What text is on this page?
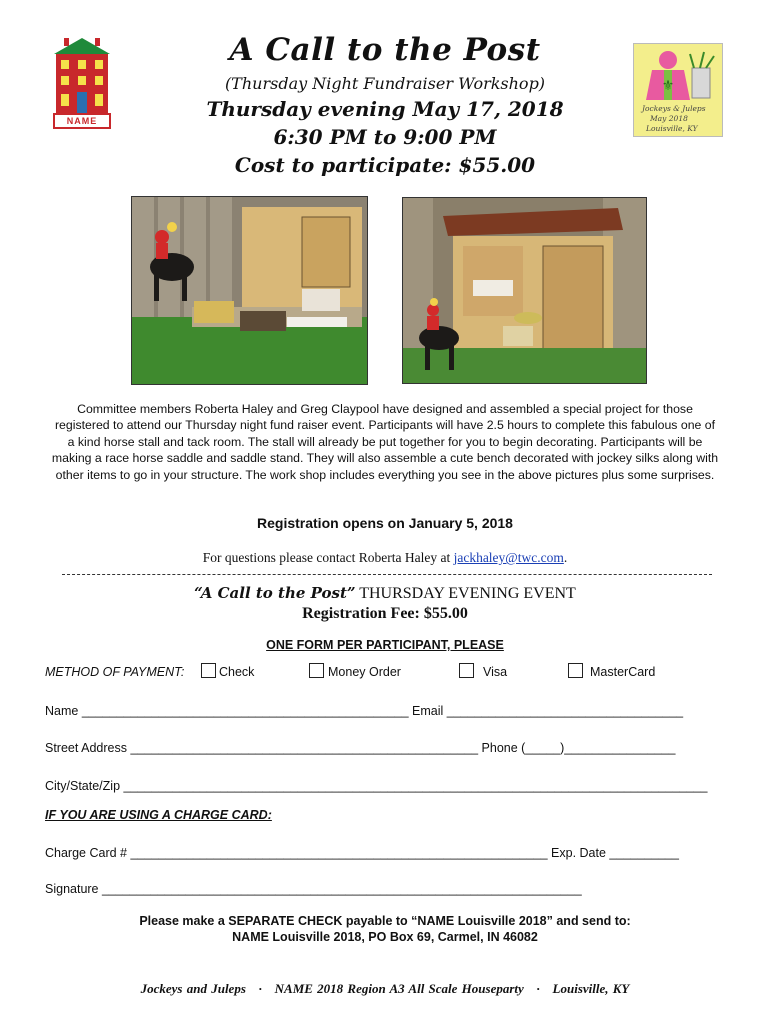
NAME
⚜
Jockeys & Juleps
May 2018
Louisville, KY
A Call to the Post
(Thursday Night Fundraiser Workshop)
Thursday evening May 17, 2018
6:30 PM to 9:00 PM
Cost to participate: $55.00
Committee members Roberta Haley and Greg Claypool have designed and assembled a special project for those registered to attend our Thursday night fund raiser event. Participants will have 2.5 hours to complete this fabulous one of a kind horse stall and tack room. The stall will already be put together for you to begin decorating. Participants will be making a race horse saddle and saddle stand. They will also assemble a cute bench decorated with jockey silks along with other items to go in your structure. The work shop includes everything you see in the above pictures plus some surprises.
Registration opens on January 5, 2018
For questions please contact Roberta Haley at jackhaley@twc.com.
“A Call to the Post” THURSDAY EVENING EVENT
Registration Fee: $55.00
ONE FORM PER PARTICIPANT, PLEASE
METHOD OF PAYMENT:	Check	Money Order	Visa	MasterCard
Name _______________________________________________ Email __________________________________
Street Address __________________________________________________ Phone (_____)________________
City/State/Zip ____________________________________________________________________________________
IF YOU ARE USING A CHARGE CARD:
Charge Card # ____________________________________________________________ Exp. Date __________
Signature _____________________________________________________________________
Please make a SEPARATE CHECK payable to “NAME Louisville 2018” and send to:
NAME Louisville 2018, PO Box 69, Carmel, IN 46082
Jockeys and Juleps   ·   NAME 2018 Region A3 All Scale Houseparty   ·   Louisville, KY
